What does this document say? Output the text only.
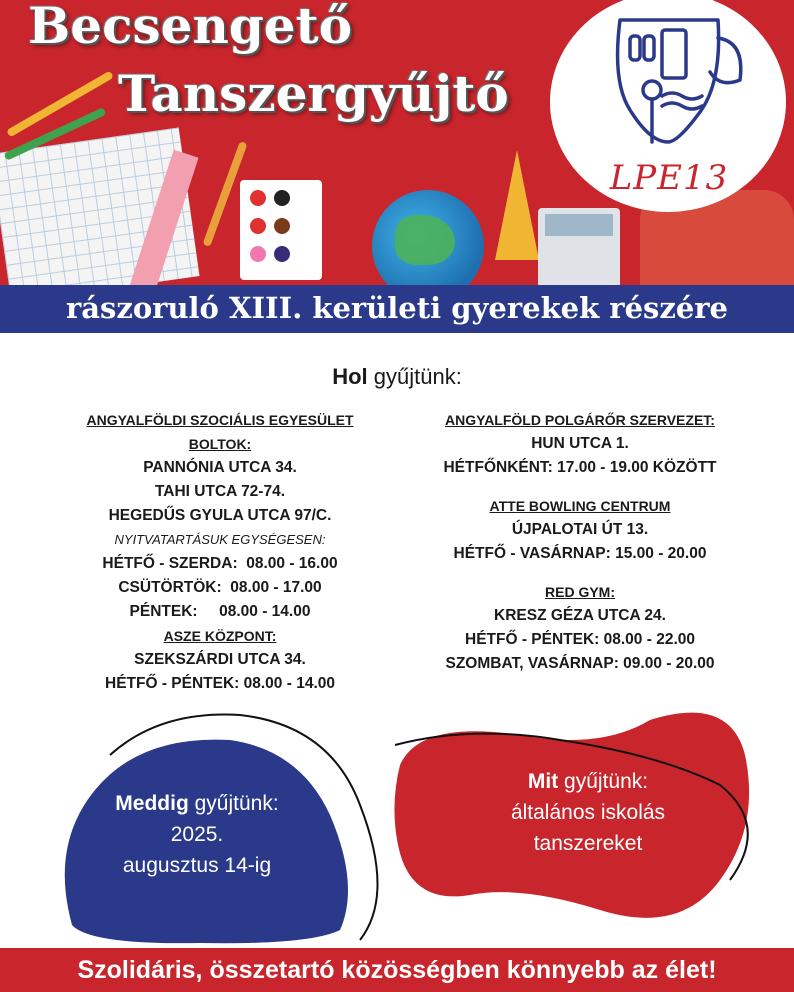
Becsengető
Tanszergyűjtő
LPE13
rászoruló XIII. kerületi gyerekek részére
Hol gyűjtünk:
ANGYALFÖLDI SZOCIÁLIS EGYESÜLET
BOLTOK:
PANNÓNIA UTCA 34.
TAHI UTCA 72-74.
HEGEDŰS GYULA UTCA 97/C.
NYITVATARTÁSUK EGYSÉGESEN:
HÉTFŐ - SZERDA:  08.00 - 16.00
CSÜTÖRTÖK:  08.00 - 17.00
PÉNTEK:     08.00 - 14.00
ASZE KÖZPONT:
SZEKSZÁRDI UTCA 34.
HÉTFŐ - PÉNTEK: 08.00 - 14.00
ANGYALFÖLD POLGÁRŐR SZERVEZET:
HUN UTCA 1.
HÉTFŐNKÉNT: 17.00 - 19.00 KÖZÖTT
ATTE BOWLING CENTRUM
ÚJPALOTAI ÚT 13.
HÉTFŐ - VASÁRNAP: 15.00 - 20.00
RED GYM:
KRESZ GÉZA UTCA 24.
HÉTFŐ - PÉNTEK: 08.00 - 22.00
SZOMBAT, VASÁRNAP: 09.00 - 20.00
Meddig gyűjtünk:
2025.
augusztus 14-ig
Mit gyűjtünk:
általános iskolás
tanszereket
Szolidáris, összetartó közösségben könnyebb az élet!
